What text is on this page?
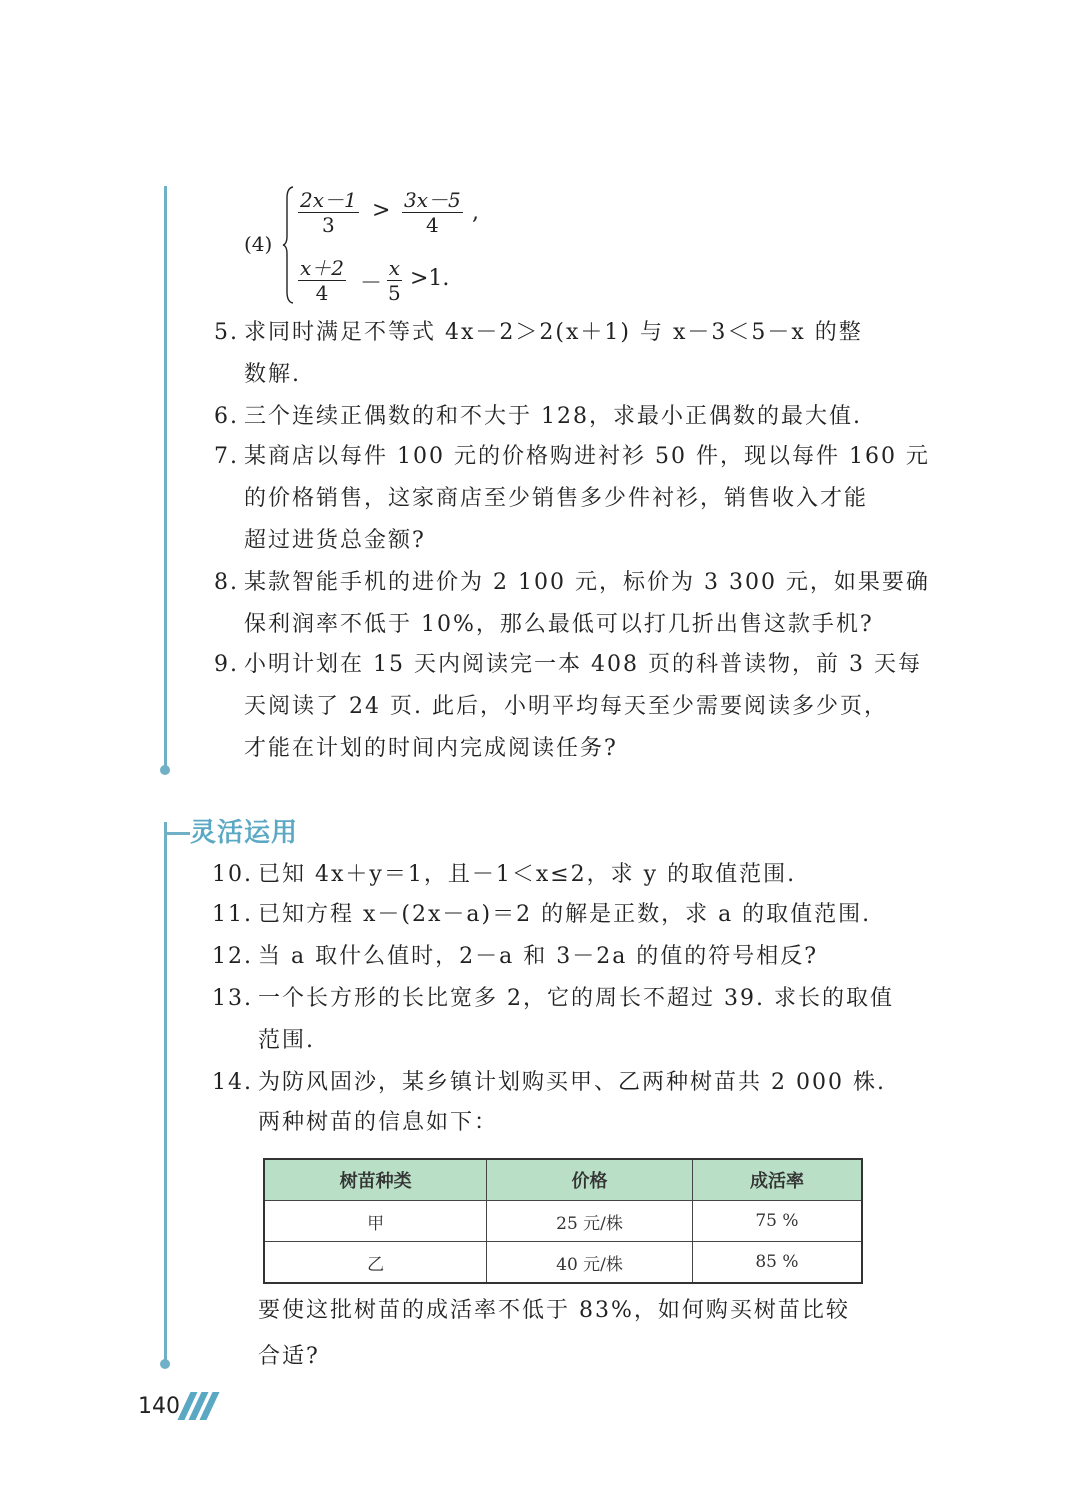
(4)
$\frac{2x-1}{3} > \frac{3x-5}{4}$ ,
$\frac{x+2}{4} - \frac{x}{5} >1$.
5. 求同时满足不等式 4x－2＞2(x＋1) 与 x－3＜5－x 的整
数解.
6. 三个连续正偶数的和不大于 128，求最小正偶数的最大值.
7. 某商店以每件 100 元的价格购进衬衫 50 件，现以每件 160 元
的价格销售，这家商店至少销售多少件衬衫，销售收入才能
超过进货总金额?
8. 某款智能手机的进价为 2 100 元，标价为 3 300 元，如果要确
保利润率不低于 10%，那么最低可以打几折出售这款手机?
9. 小明计划在 15 天内阅读完一本 408 页的科普读物，前 3 天每
天阅读了 24 页. 此后，小明平均每天至少需要阅读多少页，
才能在计划的时间内完成阅读任务?
灵活运用
10. 已知 4x＋y＝1，且－1＜x≤2，求 y 的取值范围.
11. 已知方程 x－(2x－a)＝2 的解是正数，求 a 的取值范围.
12. 当 a 取什么值时，2－a 和 3－2a 的值的符号相反?
13. 一个长方形的长比宽多 2，它的周长不超过 39. 求长的取值
范围.
14. 为防风固沙，某乡镇计划购买甲、乙两种树苗共 2 000 株.
两种树苗的信息如下：
树苗种类	价格	成活率
甲	25 元/株	75 %
乙	40 元/株	85 %
要使这批树苗的成活率不低于 83%，如何购买树苗比较
合适?
140
